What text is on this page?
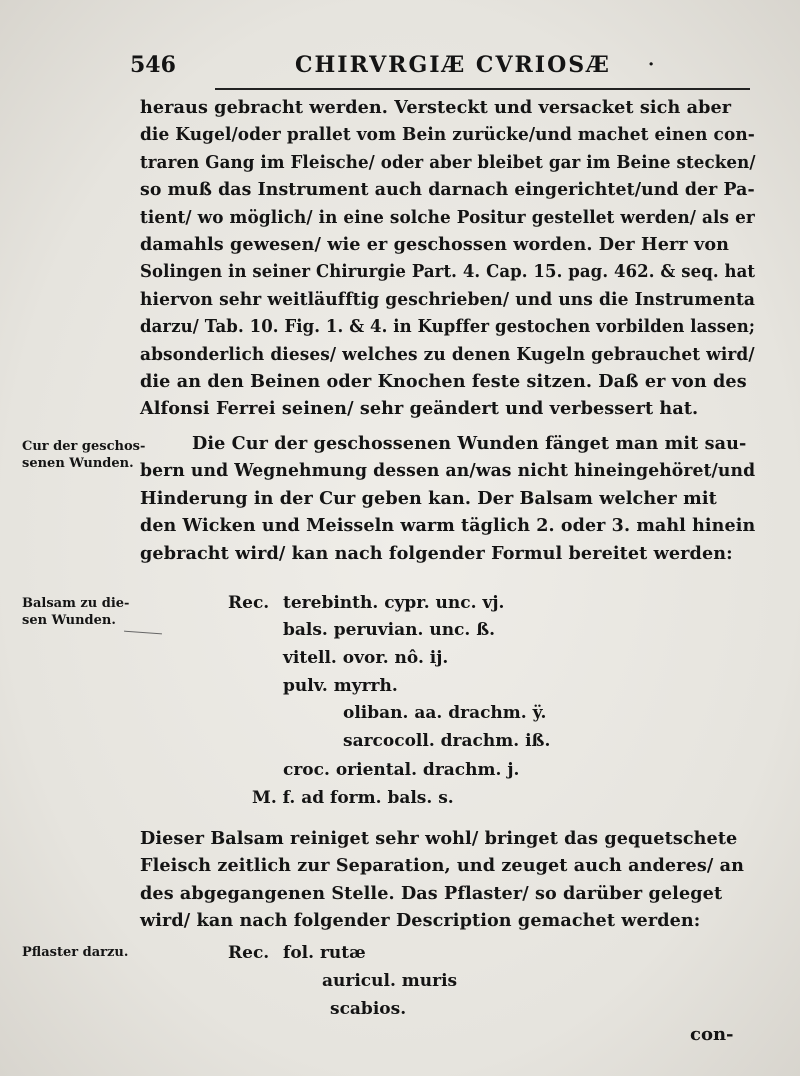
546	CHIRVRGIÆ CVRIOSÆ ·
heraus gebracht werden. Versteckt und versacket sich aber
die Kugel/oder prallet vom Bein zurücke/und machet einen con-
traren Gang im Fleische/ oder aber bleibet gar im Beine stecken/
so muß das Instrument auch darnach eingerichtet/und der Pa-
tient/ wo möglich/ in eine solche Positur gestellet werden/ als er
damahls gewesen/ wie er geschossen worden. Der Herr von
Solingen in seiner Chirurgie Part. 4. Cap. 15. pag. 462. & seq. hat
hiervon sehr weitläufftig geschrieben/ und uns die Instrumenta
darzu/ Tab. 10. Fig. 1. & 4. in Kupffer gestochen vorbilden lassen;
absonderlich dieses/ welches zu denen Kugeln gebrauchet wird/
die an den Beinen oder Knochen feste sitzen. Daß er von des
Alfonsi Ferrei seinen/ sehr geändert und verbessert hat.
Cur der geschos-
senen Wunden.
Die Cur der geschossenen Wunden fänget man mit sau-
bern und Wegnehmung dessen an/was nicht hineingehöret/und
Hinderung in der Cur geben kan. Der Balsam welcher mit
den Wicken und Meisseln warm täglich 2. oder 3. mahl hinein
gebracht wird/ kan nach folgender Formul bereitet werden:
Balsam zu die-
sen Wunden.
Rec. terebinth. cypr. unc. vj.
bals. peruvian. unc. ß.
vitell. ovor. nô. ij.
pulv. myrrh.
oliban. aa. drachm. ÿ.
sarcocoll. drachm. iß.
croc. oriental. drachm. j.
M. f. ad form. bals. s.
Dieser Balsam reiniget sehr wohl/ bringet das gequetschete
Fleisch zeitlich zur Separation, und zeuget auch anderes/ an
des abgegangenen Stelle. Das Pflaster/ so darüber geleget
wird/ kan nach folgender Description gemachet werden:
Pflaster darzu.	Rec. fol. rutæ
auricul. muris
scabios.
con-
